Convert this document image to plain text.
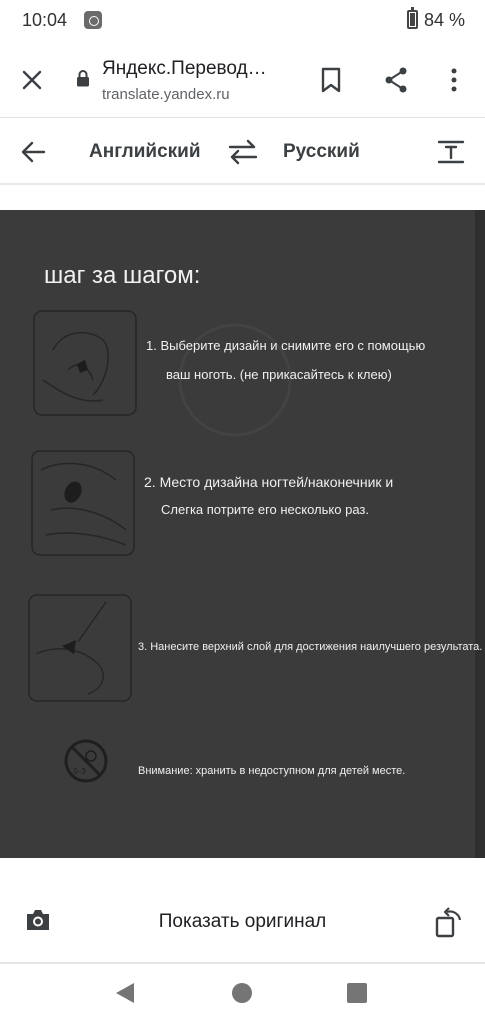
10:04	84 %
Яндекс.Перевод…
translate.yandex.ru
Английский	Русский
шаг за шагом:
1. Выберите дизайн и снимите его с помощью
ваш ноготь. (не прикасайтесь к клею)
2. Место дизайна ногтей/наконечник и
Слегка потрите его несколько раз.
3. Нанесите верхний слой для достижения наилучшего результата.
0-3	Внимание: хранить в недоступном для детей месте.
Показать оригинал
